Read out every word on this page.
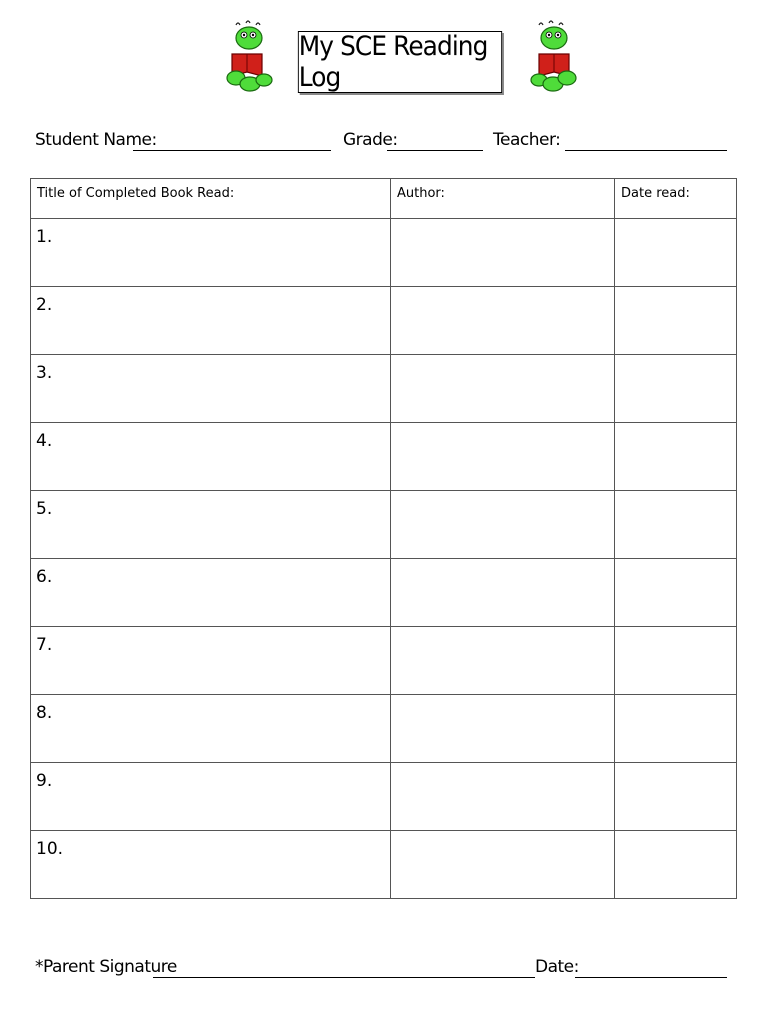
My SCE Reading Log
Student Name:	Grade:	Teacher:
Title of Completed Book Read:	Author:	Date read:
1.		
2.		
3.		
4.		
5.		
6.		
7.		
8.		
9.		
10.		
*Parent Signature	Date:
